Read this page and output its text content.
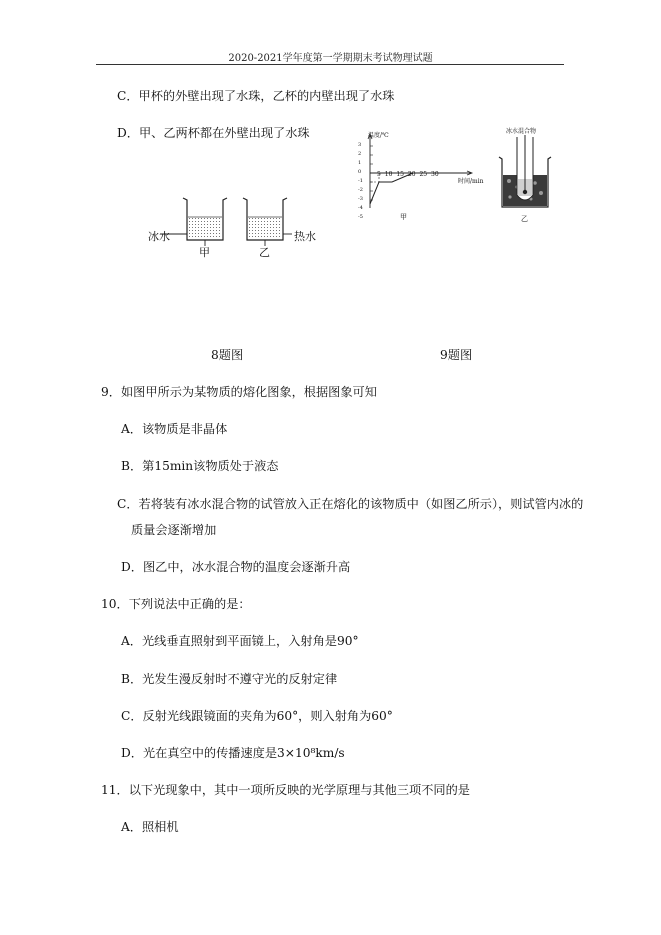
2020-2021学年度第一学期期末考试物理试题
C．甲杯的外壁出现了水珠，乙杯的内壁出现了水珠
D．甲、乙两杯都在外壁出现了水珠
冰水	热水
甲	乙
温度/℃
时间/min
3
2
1
0
-1
-2
-3
-4
-5
5 10 15 20 25 30
甲
冰水混合物
乙
8题图	9题图
9．如图甲所示为某物质的熔化图象，根据图象可知
A．该物质是非晶体
B．第15min该物质处于液态
C．若将装有冰水混合物的试管放入正在熔化的该物质中（如图乙所示），则试管内冰的
质量会逐渐增加
D．图乙中，冰水混合物的温度会逐渐升高
10．下列说法中正确的是：
A．光线垂直照射到平面镜上，入射角是90°
B．光发生漫反射时不遵守光的反射定律
C．反射光线跟镜面的夹角为60°，则入射角为60°
D．光在真空中的传播速度是3×10⁸km/s
11．以下光现象中，其中一项所反映的光学原理与其他三项不同的是
A．照相机
